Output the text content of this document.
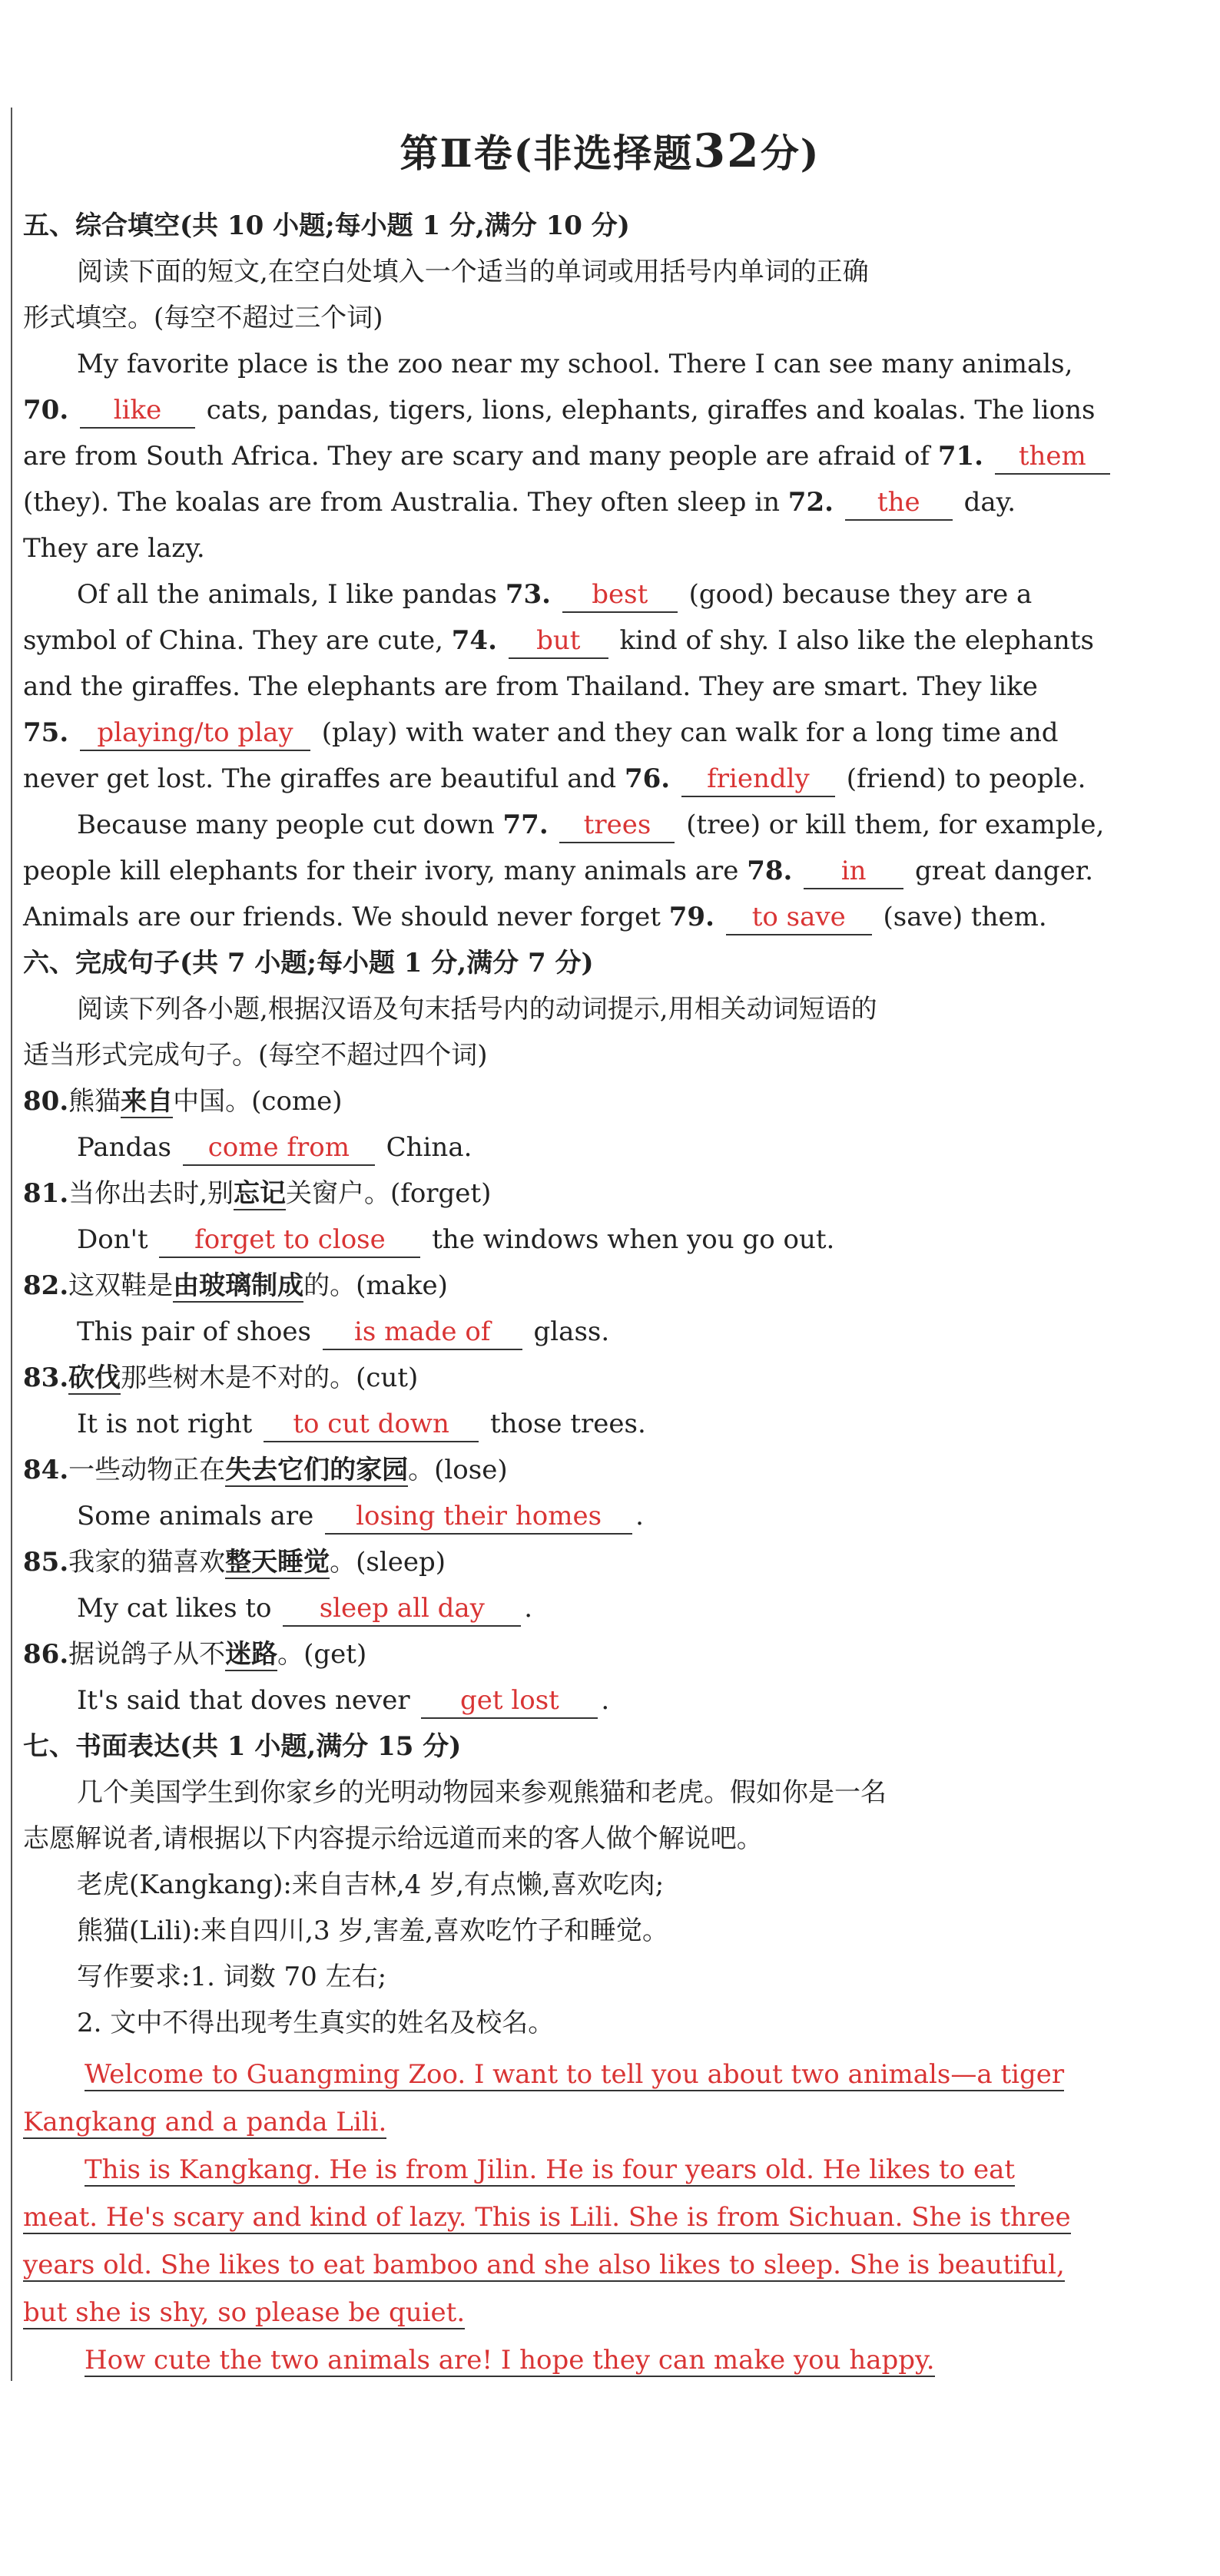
第Ⅱ卷(非选择题32分)
五、综合填空(共 10 小题;每小题 1 分,满分 10 分)
阅读下面的短文,在空白处填入一个适当的单词或用括号内单词的正确
形式填空。(每空不超过三个词)
My favorite place is the zoo near my school. There I can see many animals,
70. like cats, pandas, tigers, lions, elephants, giraffes and koalas. The lions
are from South Africa. They are scary and many people are afraid of 71. them
(they). The koalas are from Australia. They often sleep in 72. the day.
They are lazy.
Of all the animals, I like pandas 73. best (good) because they are a
symbol of China. They are cute, 74. but kind of shy. I also like the elephants
and the giraffes. The elephants are from Thailand. They are smart. They like
75. playing/to play (play) with water and they can walk for a long time and
never get lost. The giraffes are beautiful and 76. friendly (friend) to people.
Because many people cut down 77. trees (tree) or kill them, for example,
people kill elephants for their ivory, many animals are 78. in great danger.
Animals are our friends. We should never forget 79. to save (save) them.
六、完成句子(共 7 小题;每小题 1 分,满分 7 分)
阅读下列各小题,根据汉语及句末括号内的动词提示,用相关动词短语的
适当形式完成句子。(每空不超过四个词)
80.熊猫来自中国。(come)
Pandas come from China.
81.当你出去时,别忘记关窗户。(forget)
Don't forget to close the windows when you go out.
82.这双鞋是由玻璃制成的。(make)
This pair of shoes is made of glass.
83.砍伐那些树木是不对的。(cut)
It is not right to cut down those trees.
84.一些动物正在失去它们的家园。(lose)
Some animals are losing their homes .
85.我家的猫喜欢整天睡觉。(sleep)
My cat likes to sleep all day .
86.据说鸽子从不迷路。(get)
It's said that doves never get lost .
七、书面表达(共 1 小题,满分 15 分)
几个美国学生到你家乡的光明动物园来参观熊猫和老虎。假如你是一名
志愿解说者,请根据以下内容提示给远道而来的客人做个解说吧。
老虎(Kangkang):来自吉林,4 岁,有点懒,喜欢吃肉;
熊猫(Lili):来自四川,3 岁,害羞,喜欢吃竹子和睡觉。
写作要求:1. 词数 70 左右;
2. 文中不得出现考生真实的姓名及校名。
Welcome to Guangming Zoo. I want to tell you about two animals—a tiger
Kangkang and a panda Lili.
This is Kangkang. He is from Jilin. He is four years old. He likes to eat
meat. He's scary and kind of lazy. This is Lili. She is from Sichuan. She is three
years old. She likes to eat bamboo and she also likes to sleep. She is beautiful,
but she is shy, so please be quiet.
How cute the two animals are! I hope they can make you happy.
